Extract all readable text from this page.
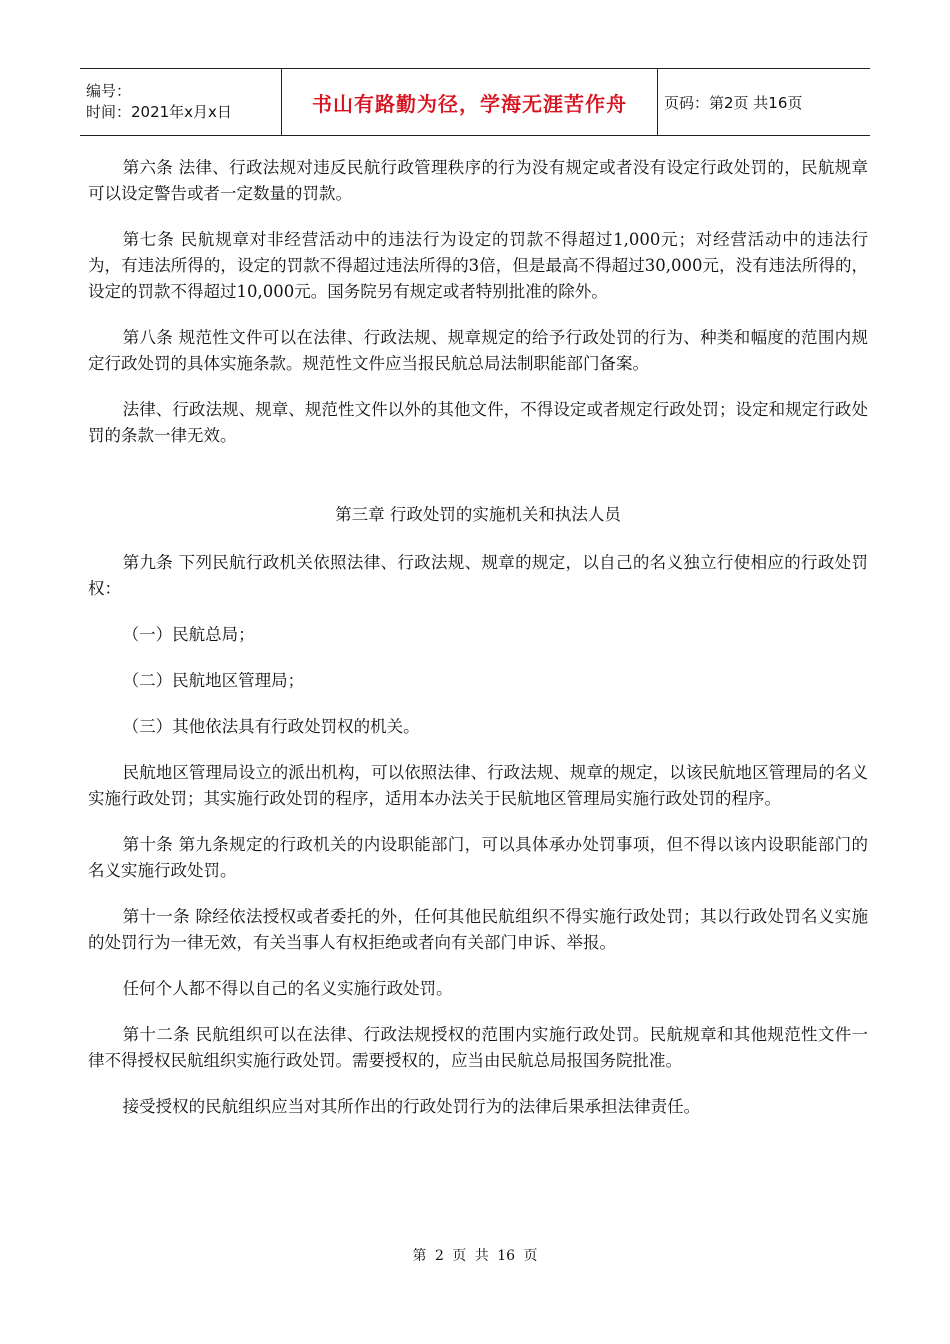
编号：
时间：2021年x月x日	书山有路勤为径，学海无涯苦作舟 页码：第2页 共16页

第六条 法律、行政法规对违反民航行政管理秩序的行为没有规定或者没有设定行政处罚的，民航规章可以设定警告或者一定数量的罚款。

第七条 民航规章对非经营活动中的违法行为设定的罚款不得超过1,000元；对经营活动中的违法行为，有违法所得的，设定的罚款不得超过违法所得的3倍，但是最高不得超过30,000元，没有违法所得的，设定的罚款不得超过10,000元。国务院另有规定或者特别批准的除外。

第八条 规范性文件可以在法律、行政法规、规章规定的给予行政处罚的行为、种类和幅度的范围内规定行政处罚的具体实施条款。规范性文件应当报民航总局法制职能部门备案。

法律、行政法规、规章、规范性文件以外的其他文件，不得设定或者规定行政处罚；设定和规定行政处罚的条款一律无效。

第三章 行政处罚的实施机关和执法人员

第九条 下列民航行政机关依照法律、行政法规、规章的规定，以自己的名义独立行使相应的行政处罚权：

（一）民航总局；

（二）民航地区管理局；

（三）其他依法具有行政处罚权的机关。

民航地区管理局设立的派出机构，可以依照法律、行政法规、规章的规定，以该民航地区管理局的名义实施行政处罚；其实施行政处罚的程序，适用本办法关于民航地区管理局实施行政处罚的程序。

第十条 第九条规定的行政机关的内设职能部门，可以具体承办处罚事项，但不得以该内设职能部门的名义实施行政处罚。

第十一条 除经依法授权或者委托的外，任何其他民航组织不得实施行政处罚；其以行政处罚名义实施的处罚行为一律无效，有关当事人有权拒绝或者向有关部门申诉、举报。

任何个人都不得以自己的名义实施行政处罚。

第十二条 民航组织可以在法律、行政法规授权的范围内实施行政处罚。民航规章和其他规范性文件一律不得授权民航组织实施行政处罚。需要授权的，应当由民航总局报国务院批准。

接受授权的民航组织应当对其所作出的行政处罚行为的法律后果承担法律责任。

第 2 页 共 16 页
